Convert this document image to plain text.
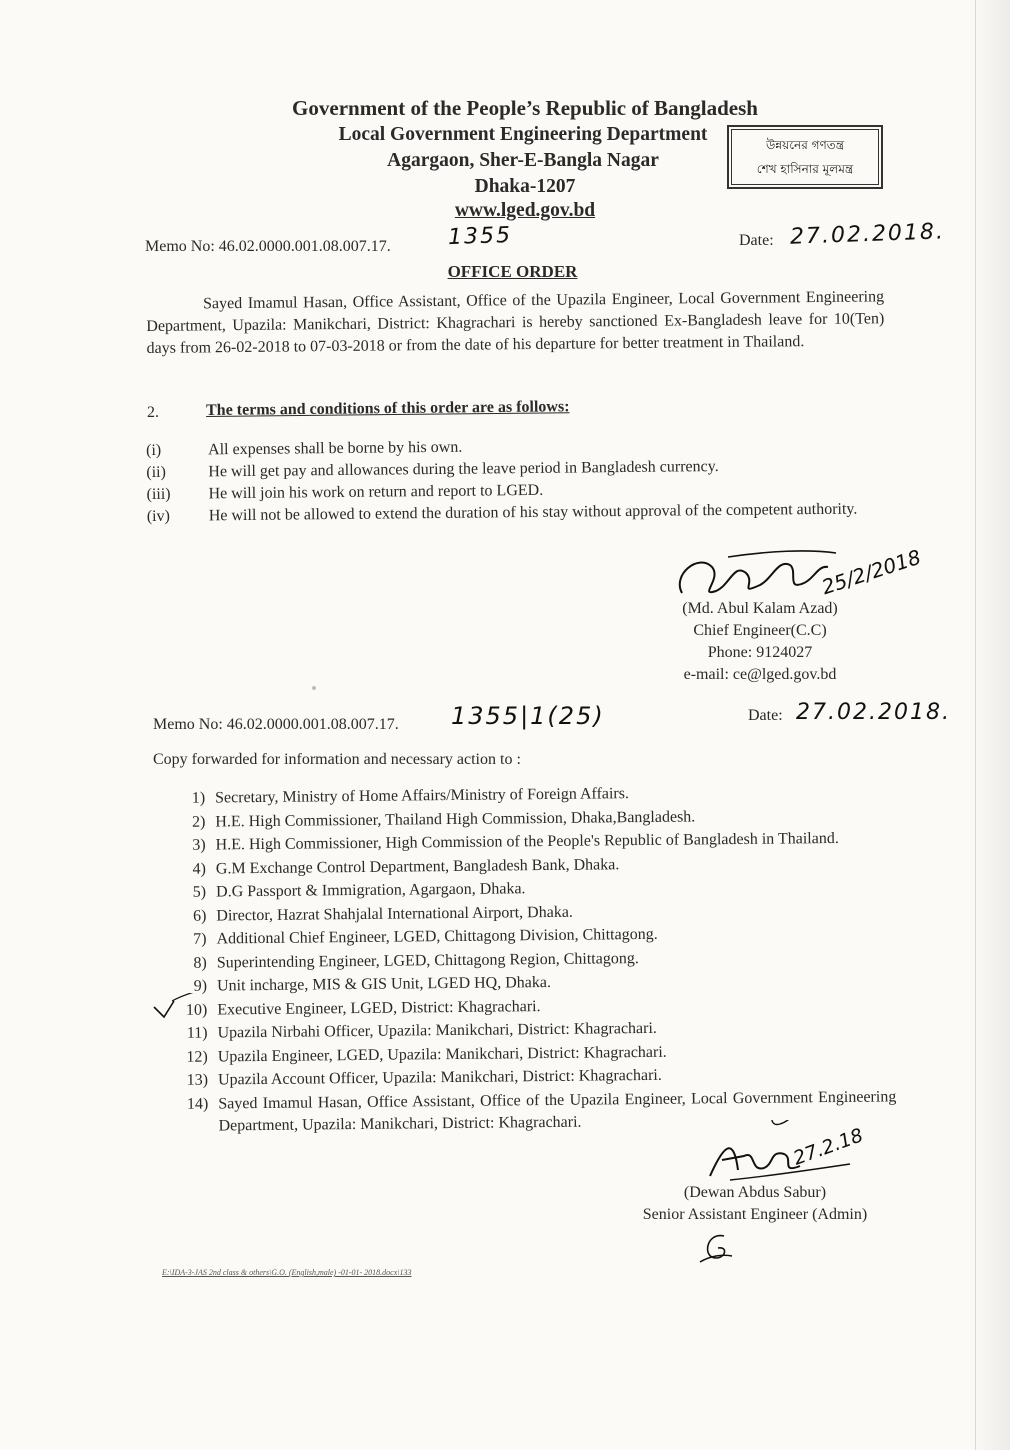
Government of the People’s Republic of Bangladesh
Local Government Engineering Department
Agargaon, Sher-E-Bangla Nagar
Dhaka-1207
www.lged.gov.bd
উন্নয়নের গণতন্ত্র
শেখ হাসিনার মূলমন্ত্র
Memo No: 46.02.0000.001.08.007.17.	1355	Date: 27.02.2018.
OFFICE ORDER
Sayed Imamul Hasan, Office Assistant, Office of the Upazila Engineer, Local Government Engineering Department, Upazila: Manikchari, District: Khagrachari is hereby sanctioned Ex-Bangladesh leave for 10(Ten) days from 26-02-2018 to 07-03-2018 or from the date of his departure for better treatment in Thailand.
2.	The terms and conditions of this order are as follows:
(i)	All expenses shall be borne by his own.
(ii)	He will get pay and allowances during the leave period in Bangladesh currency.
(iii)	He will join his work on return and report to LGED.
(iv)	He will not be allowed to extend the duration of his stay without approval of the competent authority.
25/2/2018
(Md. Abul Kalam Azad)
Chief Engineer(C.C)
Phone: 9124027
e-mail: ce@lged.gov.bd
Memo No: 46.02.0000.001.08.007.17. 1355|1(25)	Date: 27.02.2018.
Copy forwarded for information and necessary action to :
1) Secretary, Ministry of Home Affairs/Ministry of Foreign Affairs.
2) H.E. High Commissioner, Thailand High Commission, Dhaka,Bangladesh.
3) H.E. High Commissioner, High Commission of the People's Republic of Bangladesh in Thailand.
4) G.M Exchange Control Department, Bangladesh Bank, Dhaka.
5) D.G Passport & Immigration, Agargaon, Dhaka.
6) Director, Hazrat Shahjalal International Airport, Dhaka.
7) Additional Chief Engineer, LGED, Chittagong Division, Chittagong.
8) Superintending Engineer, LGED, Chittagong Region, Chittagong.
9) Unit incharge, MIS & GIS Unit, LGED HQ, Dhaka.
10) Executive Engineer, LGED, District: Khagrachari.
11) Upazila Nirbahi Officer, Upazila: Manikchari, District: Khagrachari.
12) Upazila Engineer, LGED, Upazila: Manikchari, District: Khagrachari.
13) Upazila Account Officer, Upazila: Manikchari, District: Khagrachari.
14) Sayed Imamul Hasan, Office Assistant, Office of the Upazila Engineer, Local Government Engineering Department, Upazila: Manikchari, District: Khagrachari.
27.2.18
(Dewan Abdus Sabur)
Senior Assistant Engineer (Admin)
E:\IDA-3-JAS 2nd class & others\G.O. (English,male) -01-01- 2018.docx\133
